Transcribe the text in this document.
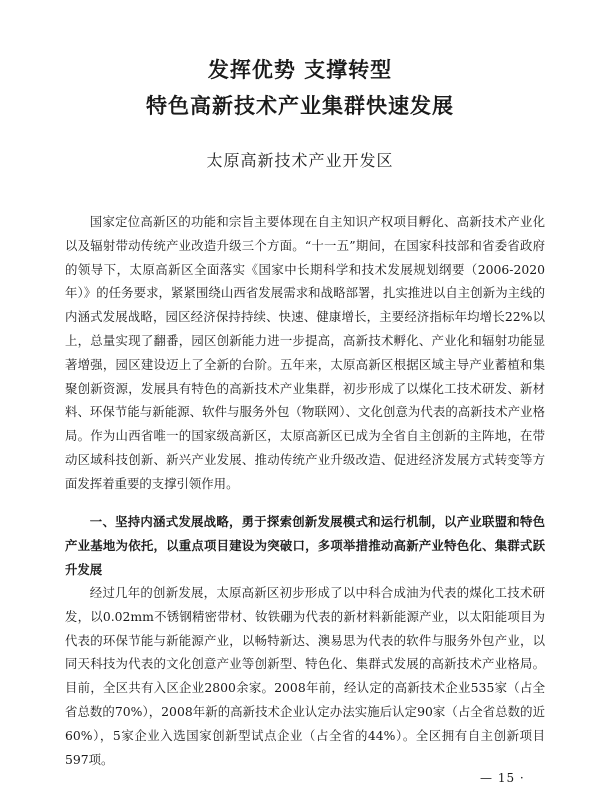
发挥优势 支撑转型
特色高新技术产业集群快速发展
太原高新技术产业开发区

国家定位高新区的功能和宗旨主要体现在自主知识产权项目孵化、高新技术产业化以及辐射带动传统产业改造升级三个方面。“十一五”期间，在国家科技部和省委省政府的领导下，太原高新区全面落实《国家中长期科学和技术发展规划纲要（2006-2020年）》的任务要求，紧紧围绕山西省发展需求和战略部署，扎实推进以自主创新为主线的内涵式发展战略，园区经济保持持续、快速、健康增长，主要经济指标年均增长22%以上，总量实现了翻番，园区创新能力进一步提高，高新技术孵化、产业化和辐射功能显著增强，园区建设迈上了全新的台阶。五年来，太原高新区根据区域主导产业蓄植和集聚创新资源，发展具有特色的高新技术产业集群，初步形成了以煤化工技术研发、新材料、环保节能与新能源、软件与服务外包（物联网）、文化创意为代表的高新技术产业格局。作为山西省唯一的国家级高新区，太原高新区已成为全省自主创新的主阵地，在带动区域科技创新、新兴产业发展、推动传统产业升级改造、促进经济发展方式转变等方面发挥着重要的支撑引领作用。

一、坚持内涵式发展战略，勇于探索创新发展模式和运行机制，以产业联盟和特色产业基地为依托，以重点项目建设为突破口，多项举措推动高新产业特色化、集群式跃升发展

经过几年的创新发展，太原高新区初步形成了以中科合成油为代表的煤化工技术研发，以0.02mm不锈钢精密带材、钕铁硼为代表的新材料新能源产业，以太阳能项目为代表的环保节能与新能源产业，以畅特新达、澳易思为代表的软件与服务外包产业，以同天科技为代表的文化创意产业等创新型、特色化、集群式发展的高新技术产业格局。目前，全区共有入区企业2800余家。2008年前，经认定的高新技术企业535家（占全省总数的70%），2008年新的高新技术企业认定办法实施后认定90家（占全省总数的近60%），5家企业入选国家创新型试点企业（占全省的44%）。全区拥有自主创新项目597项。

— 15 ·
